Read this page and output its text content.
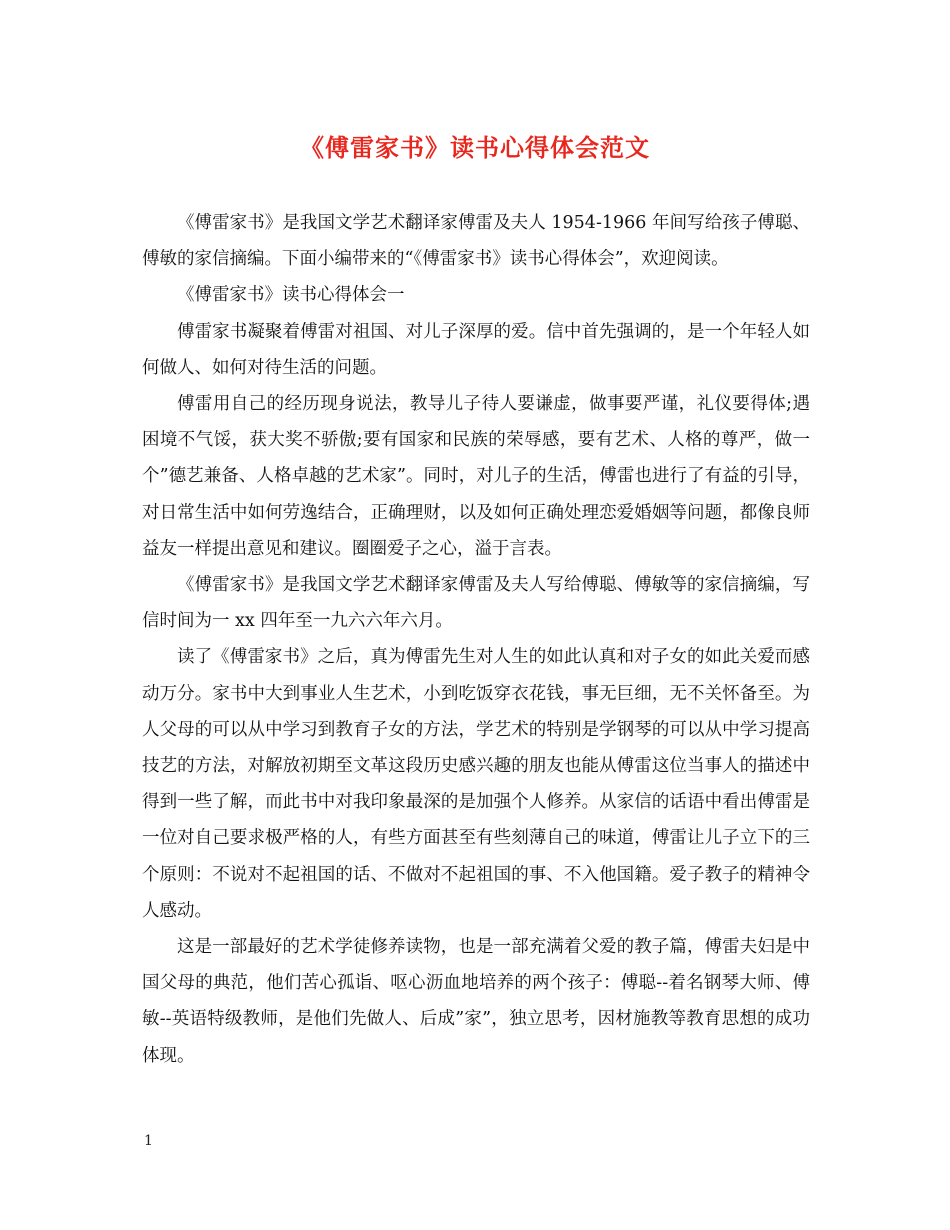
《傅雷家书》读书心得体会范文

《傅雷家书》是我国文学艺术翻译家傅雷及夫人 1954-1966 年间写给孩子傅聪、傅敏的家信摘编。下面小编带来的“《傅雷家书》读书心得体会”，欢迎阅读。

《傅雷家书》读书心得体会一

傅雷家书凝聚着傅雷对祖国、对儿子深厚的爱。信中首先强调的，是一个年轻人如何做人、如何对待生活的问题。

傅雷用自己的经历现身说法，教导儿子待人要谦虚，做事要严谨，礼仪要得体;遇困境不气馁，获大奖不骄傲;要有国家和民族的荣辱感，要有艺术、人格的尊严，做一个”德艺兼备、人格卓越的艺术家”。同时，对儿子的生活，傅雷也进行了有益的引导，对日常生活中如何劳逸结合，正确理财，以及如何正确处理恋爱婚姻等问题，都像良师益友一样提出意见和建议。圈圈爱子之心，溢于言表。

《傅雷家书》是我国文学艺术翻译家傅雷及夫人写给傅聪、傅敏等的家信摘编，写信时间为一 xx 四年至一九六六年六月。

读了《傅雷家书》之后，真为傅雷先生对人生的如此认真和对子女的如此关爱而感动万分。家书中大到事业人生艺术，小到吃饭穿衣花钱，事无巨细，无不关怀备至。为人父母的可以从中学习到教育子女的方法，学艺术的特别是学钢琴的可以从中学习提高技艺的方法，对解放初期至文革这段历史感兴趣的朋友也能从傅雷这位当事人的描述中得到一些了解，而此书中对我印象最深的是加强个人修养。从家信的话语中看出傅雷是一位对自己要求极严格的人，有些方面甚至有些刻薄自己的味道，傅雷让儿子立下的三个原则：不说对不起祖国的话、不做对不起祖国的事、不入他国籍。爱子教子的精神令人感动。

这是一部最好的艺术学徒修养读物，也是一部充满着父爱的教子篇，傅雷夫妇是中国父母的典范，他们苦心孤诣、呕心沥血地培养的两个孩子：傅聪--着名钢琴大师、傅敏--英语特级教师，是他们先做人、后成”家”，独立思考，因材施教等教育思想的成功体现。

1
